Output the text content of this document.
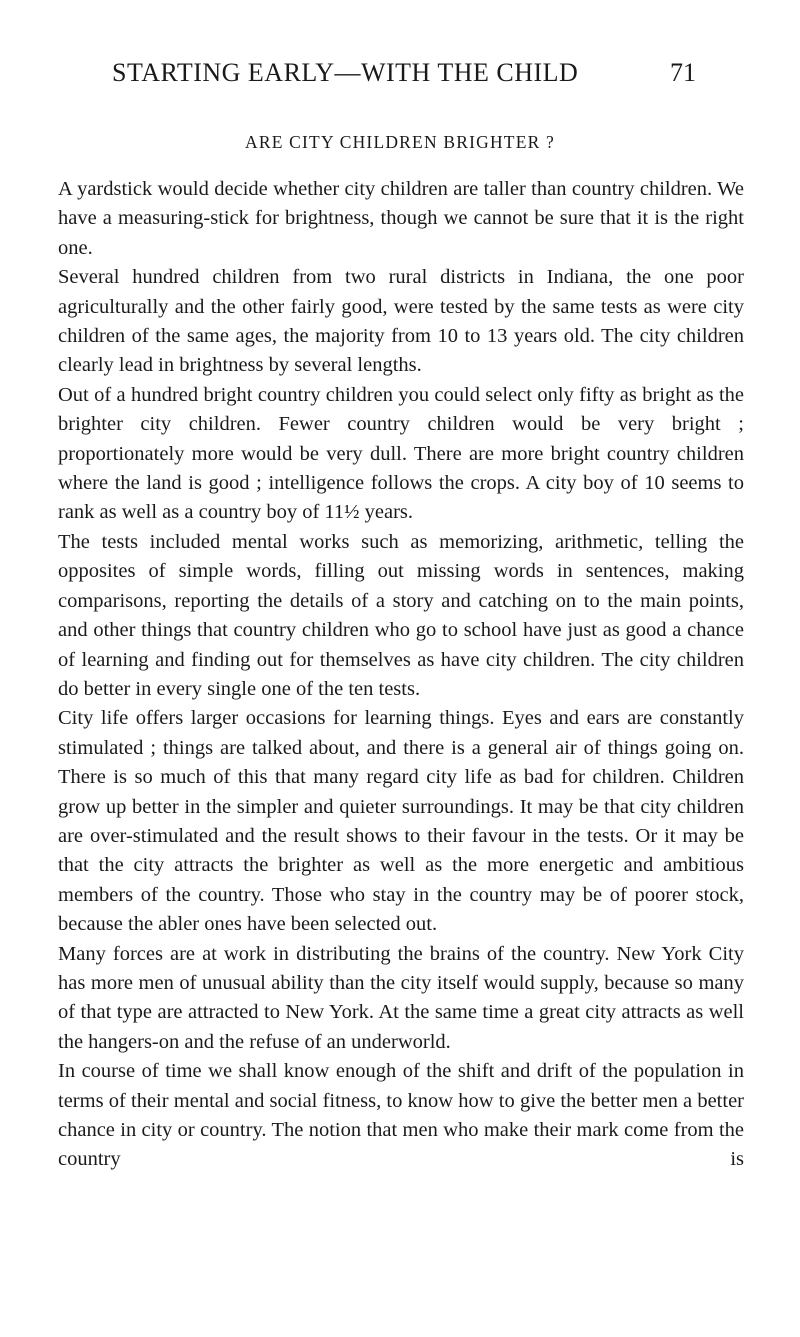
STARTING EARLY—WITH THE CHILD	71
ARE CITY CHILDREN BRIGHTER ?

A yardstick would decide whether city children are taller than country children. We have a measuring-stick for brightness, though we cannot be sure that it is the right one.

Several hundred children from two rural districts in Indiana, the one poor agriculturally and the other fairly good, were tested by the same tests as were city children of the same ages, the majority from 10 to 13 years old. The city children clearly lead in brightness by several lengths.

Out of a hundred bright country children you could select only fifty as bright as the brighter city children. Fewer country children would be very bright ; proportionately more would be very dull. There are more bright country children where the land is good ; intelligence follows the crops. A city boy of 10 seems to rank as well as a country boy of 11½ years.

The tests included mental works such as memorizing, arithmetic, telling the opposites of simple words, filling out missing words in sentences, making comparisons, reporting the details of a story and catching on to the main points, and other things that country children who go to school have just as good a chance of learning and finding out for themselves as have city children. The city children do better in every single one of the ten tests.

City life offers larger occasions for learning things. Eyes and ears are constantly stimulated ; things are talked about, and there is a general air of things going on. There is so much of this that many regard city life as bad for children. Children grow up better in the simpler and quieter surroundings. It may be that city children are over-stimulated and the result shows to their favour in the tests. Or it may be that the city attracts the brighter as well as the more energetic and ambitious members of the country. Those who stay in the country may be of poorer stock, because the abler ones have been selected out.

Many forces are at work in distributing the brains of the country. New York City has more men of unusual ability than the city itself would supply, because so many of that type are attracted to New York. At the same time a great city attracts as well the hangers-on and the refuse of an underworld.

In course of time we shall know enough of the shift and drift of the population in terms of their mental and social fitness, to know how to give the better men a better chance in city or country. The notion that men who make their mark come from the country is
